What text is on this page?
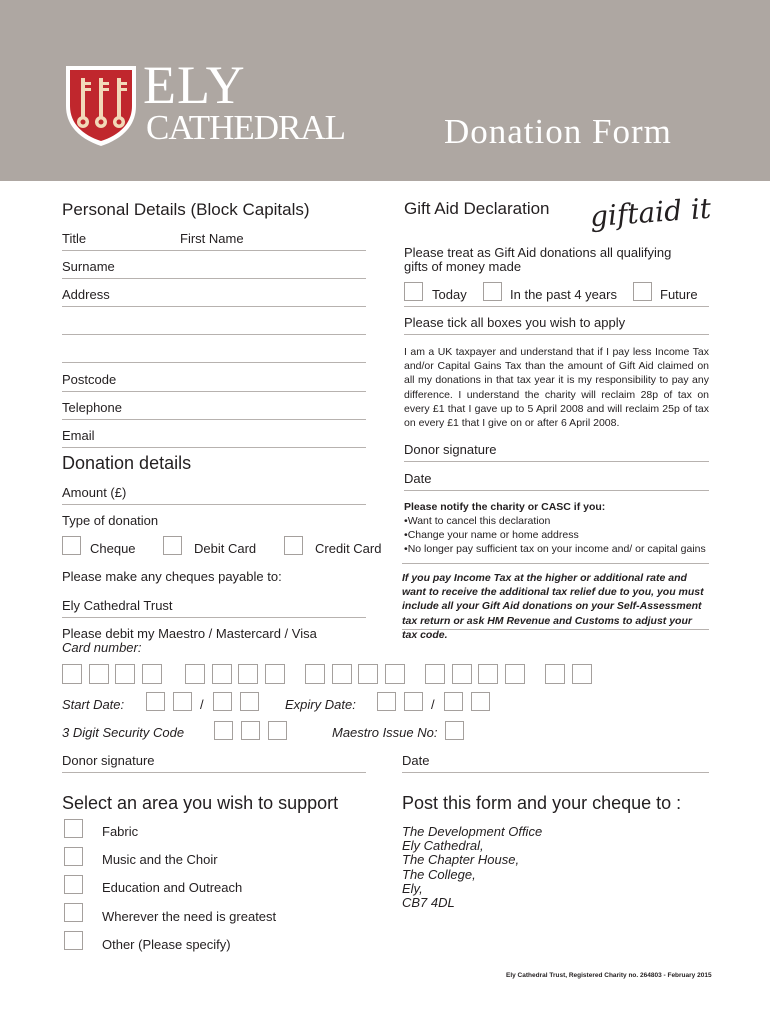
ELY
CATHEDRAL	Donation Form
Personal Details (Block Capitals)
Title	First Name
Surname
Address
Postcode
Telephone
Email
Donation details
Amount (£)
Type of donation
Cheque	Debit Card	Credit Card
Please make any cheques payable to:
Ely Cathedral Trust
Please debit my Maestro / Mastercard / Visa
Card number:
Start Date:	/	Expiry Date:	/
3 Digit Security Code	Maestro Issue No:
Donor signature	Date
Gift Aid Declaration giftaid it
Please treat as Gift Aid donations all qualifying
gifts of money made
Today	In the past 4 years	Future
Please tick all boxes you wish to apply
I am a UK taxpayer and understand that if I pay less Income Tax and/or Capital Gains Tax than the amount of Gift Aid claimed on all my donations in that tax year it is my responsibility to pay any difference. I understand the charity will reclaim 28p of tax on every £1 that I gave up to 5 April 2008 and will reclaim 25p of tax on every £1 that I give on or after 6 April 2008.
Donor signature
Date
Please notify the charity or CASC if you:
• Want to cancel this declaration
• Change your name or home address
• No longer pay sufficient tax on your income and/ or capital gains
If you pay Income Tax at the higher or additional rate and want to receive the additional tax relief due to you, you must include all your Gift Aid donations on your Self-Assessment tax return or ask HM Revenue and Customs to adjust your tax code.
Select an area you wish to support
Fabric
Music and the Choir
Education and Outreach
Wherever the need is greatest
Other (Please specify)
Post this form and your cheque to :
The Development Office
Ely Cathedral,
The Chapter House,
The College,
Ely,
CB7 4DL
Ely Cathedral Trust, Registered Charity no. 264803 - February 2015
